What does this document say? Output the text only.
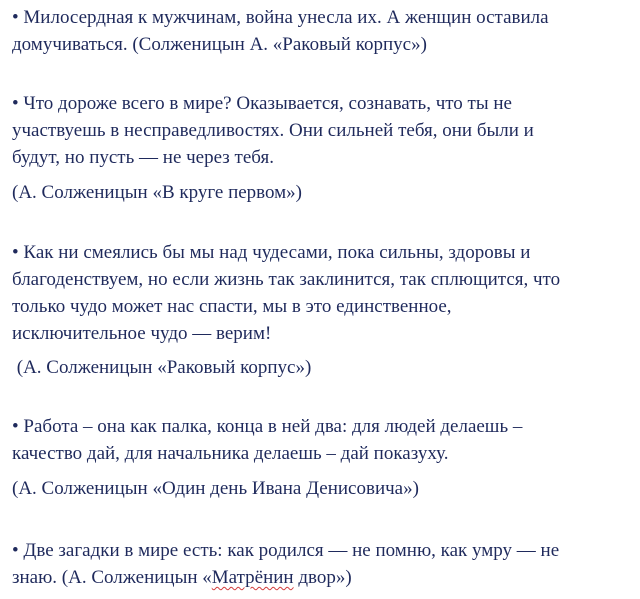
• Милосердная к мужчинам, война унесла их. А женщин оставила
домучиваться. (Солженицын А. «Раковый корпус»)

• Что дороже всего в мире? Оказывается, сознавать, что ты не
участвуешь в несправедливостях. Они сильней тебя, они были и
будут, но пусть — не через тебя.

(А. Солженицын «В круге первом»)

• Как ни смеялись бы мы над чудесами, пока сильны, здоровы и
благоденствуем, но если жизнь так заклинится, так сплющится, что
только чудо может нас спасти, мы в это единственное,
исключительное чудо — верим!

(А. Солженицын «Раковый корпус»)

• Работа – она как палка, конца в ней два: для людей делаешь –
качество дай, для начальника делаешь – дай показуху.

(А. Солженицын «Один день Ивана Денисовича»)

• Две загадки в мире есть: как родился — не помню, как умру — не
знаю. (А. Солженицын «Матрёнин двор»)
